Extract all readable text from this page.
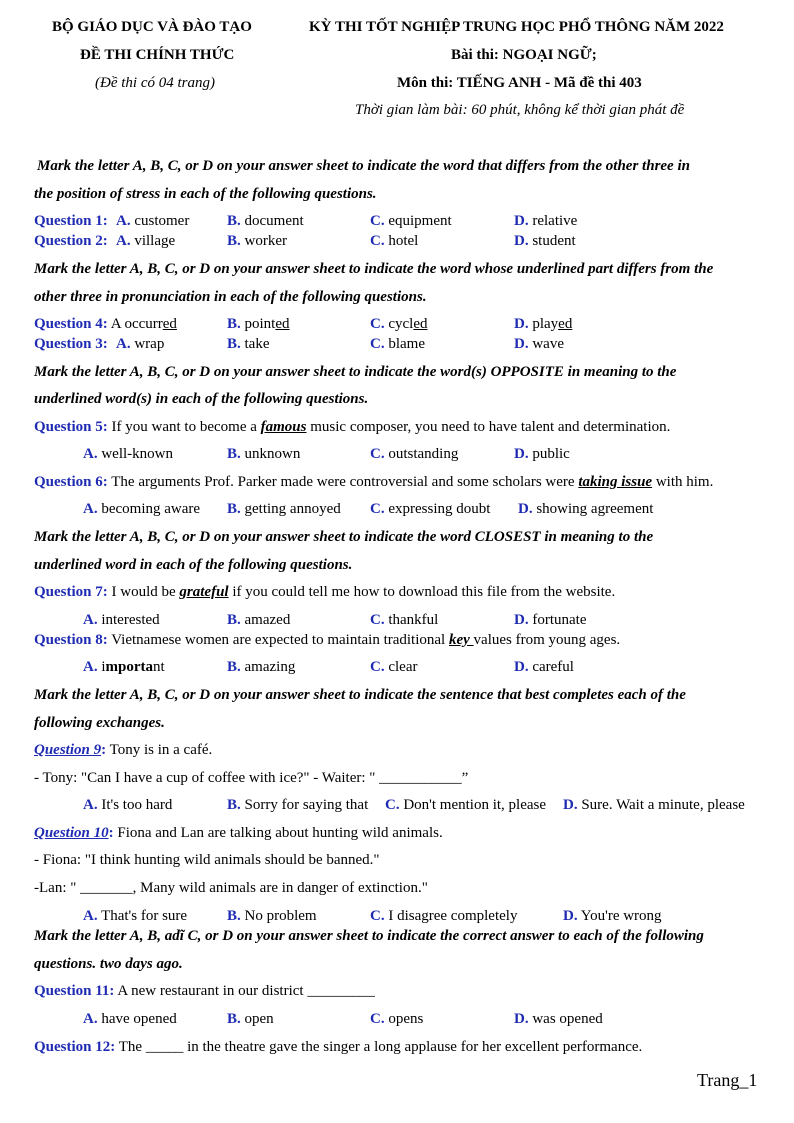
BỘ GIÁO DỤC VÀ ĐÀO TẠO
ĐỀ THI CHÍNH THỨC
(Đề thi có 04 trang)
KỲ THI TỐT NGHIỆP TRUNG HỌC PHỔ THÔNG NĂM 2022
Bài thi: NGOẠI NGỮ;
Môn thi: TIẾNG ANH - Mã đề thi 403
Thời gian làm bài: 60 phút, không kể thời gian phát đề
Mark the letter A, B, C, or D on your answer sheet to indicate the word that differs from the other three in
the position of stress in each of the following questions.
Question 1: A. customer	B. document	C. equipment	D. relative
Question 2: A. village	B. worker	C. hotel	D. student
Mark the letter A, B, C, or D on your answer sheet to indicate the word whose underlined part differs from the
other three in pronunciation in each of the following questions.
Question 4: A occurred	B. pointed	C. cycled	D. played
Question 3: A. wrap	B. take	C. blame	D. wave
Mark the letter A, B, C, or D on your answer sheet to indicate the word(s) OPPOSITE in meaning to the
underlined word(s) in each of the following questions.
Question 5: If you want to become a famous music composer, you need to have talent and determination.
A. well-known	B. unknown	C. outstanding	D. public
Question 6: The arguments Prof. Parker made were controversial and some scholars were taking issue with him.
A. becoming aware B. getting annoyed C. expressing doubt D. showing agreement
Mark the letter A, B, C, or D on your answer sheet to indicate the word CLOSEST in meaning to the
underlined word in each of the following questions.
Question 7: I would be grateful if you could tell me how to download this file from the website.
A. interested	B. amazed	C. thankful	D. fortunate
Question 8: Vietnamese women are expected to maintain traditional key values from young ages.
A. important	B. amazing	C. clear	D. careful
Mark the letter A, B, C, or D on your answer sheet to indicate the sentence that best completes each of the
following exchanges.
Question 9: Tony is in a café.
- Tony: "Can I have a cup of coffee with ice?" - Waiter: " ___________”
A. It's too hard	B. Sorry for saying that C. Don't mention it, please D. Sure. Wait a minute, please
Question 10: Fiona and Lan are talking about hunting wild animals.
- Fiona: "I think hunting wild animals should be banned."
-Lan: " _______, Many wild animals are in danger of extinction."
A. That's for sure	B. No problem	C. I disagree completely	D. You're wrong
Mark the letter A, B, adĩ C, or D on your answer sheet to indicate the correct answer to each of the following
questions. two days ago.
Question 11: A new restaurant in our district _________
A. have opened	B. open	C. opens	D. was opened
Question 12: The _____ in the theatre gave the singer a long applause for her excellent performance.
Trang_1
